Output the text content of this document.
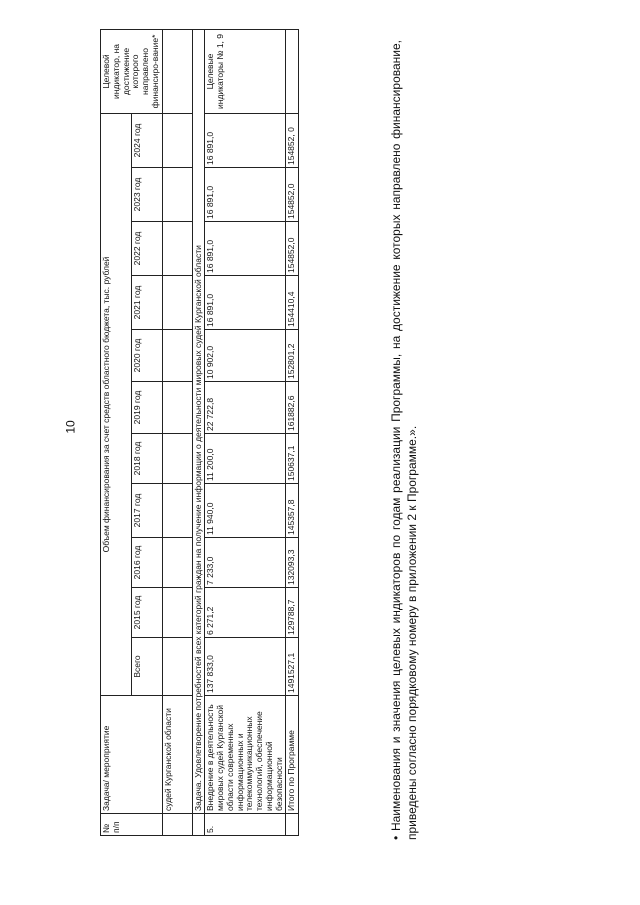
10
№ п/п	Задача/ мероприятие	Объем финансирования за счет средств областного бюджета, тыс. рублей											Целевой индикатор, на достижение которого направлено финансиро-вание*
		Всего	2015 год	2016 год	2017 год	2018 год	2019 год	2020 год	2021 год	2022 год	2023 год	2024 год	
	судей Курганской области												
	Задача. Удовлетворение потребностей всех категорий граждан на получение информации о деятельности мировых судей Курганской области												
5.	Внедрение в деятельность мировых судей Курганской области современных информационных и телекоммуникационных технологий, обеспечение информационной безопасности	137 833,0	6 271,2	7 233,0	11 940,0	11 200,0	22 722,8	10 902,0	16 891,0	16 891,0	16 891,0	16 891,0	Целевые индикаторы № 1, 9
	Итого по Программе	1491527,1	129788,7	132093,3	145357,8	150637,1	161882,6	152801,2	154410,4	154852,0	154852,0	154852, 0		• Наименования и значения целевых индикаторов по годам реализации Программы, на достижение которых направлено финансирование, приведены согласно порядковому номеру в приложении 2 к Программе.».
